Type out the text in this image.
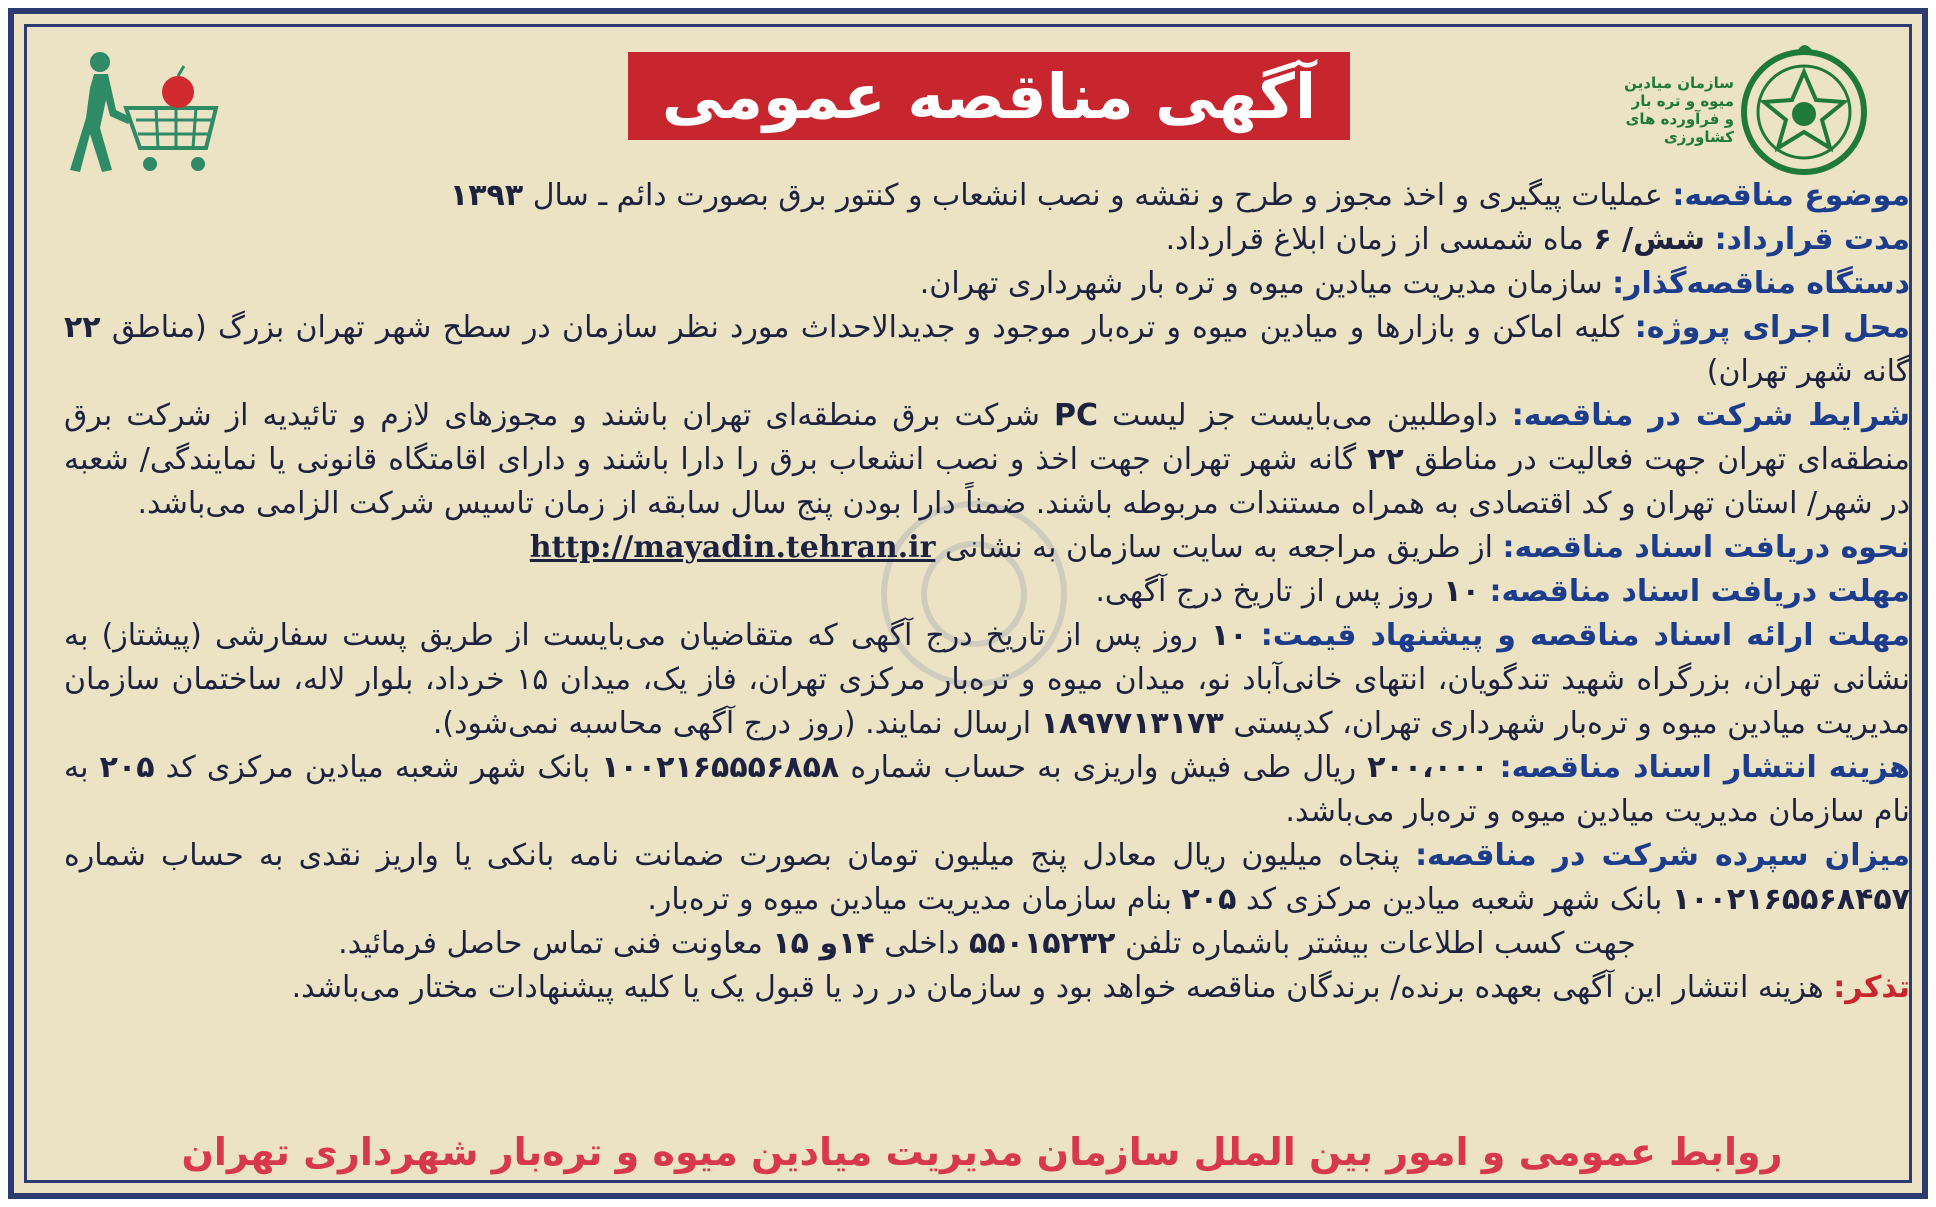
آگهی مناقصه عمومی	سازمان میادین
میوه و تره بار
و فرآورده های
کشاورزی

موضوع مناقصه: عملیات پیگیری و اخذ مجوز و طرح و نقشه و نصب انشعاب و کنتور برق بصورت دائم ـ سال ۱۳۹۳

مدت قرارداد: شش/ ۶ ماه شمسی از زمان ابلاغ قرارداد.

دستگاه مناقصه‌گذار: سازمان مدیریت میادین میوه و تره بار شهرداری تهران.

محل اجرای پروژه: کلیه اماکن و بازارها و میادین میوه و تره‌بار موجود و جدیدالاحداث مورد نظر سازمان در سطح شهر تهران بزرگ (مناطق ۲۲ گانه شهر تهران)

شرایط شرکت در مناقصه: داوطلبین می‌بایست جز لیست PC شرکت برق منطقه‌ای تهران باشند و مجوزهای لازم و تائیدیه از شرکت برق منطقه‌ای تهران جهت فعالیت در مناطق ۲۲ گانه شهر تهران جهت اخذ و نصب انشعاب برق را دارا باشند و دارای اقامتگاه قانونی یا نمایندگی/ شعبه در شهر/ استان تهران و کد اقتصادی به همراه مستندات مربوطه باشند. ضمناً دارا بودن پنج سال سابقه از زمان تاسیس شرکت الزامی می‌باشد.

نحوه دریافت اسناد مناقصه: از طریق مراجعه به سایت سازمان به نشانی http://mayadin.tehran.ir

مهلت دریافت اسناد مناقصه: ۱۰ روز پس از تاریخ درج آگهی.

مهلت ارائه اسناد مناقصه و پیشنهاد قیمت: ۱۰ روز پس از تاریخ درج آگهی که متقاضیان می‌بایست از طریق پست سفارشی (پیشتاز) به نشانی تهران، بزرگراه شهید تندگویان، انتهای خانی‌آباد نو، میدان میوه و تره‌بار مرکزی تهران، فاز یک، میدان ۱۵ خرداد، بلوار لاله، ساختمان سازمان مدیریت میادین میوه و تره‌بار شهرداری تهران، کدپستی ۱۸۹۷۷۱۳۱۷۳ ارسال نمایند. (روز درج آگهی محاسبه نمی‌شود).

هزینه انتشار اسناد مناقصه: ۲۰۰،۰۰۰ ریال طی فیش واریزی به حساب شماره ۱۰۰۲۱۶۵۵۵۶۸۵۸ بانک شهر شعبه میادین مرکزی کد ۲۰۵ به نام سازمان مدیریت میادین میوه و تره‌بار می‌باشد.

میزان سپرده شرکت در مناقصه: پنجاه میلیون ریال معادل پنج میلیون تومان بصورت ضمانت نامه بانکی یا واریز نقدی به حساب شماره ۱۰۰۲۱۶۵۵۶۸۴۵۷ بانک شهر شعبه میادین مرکزی کد ۲۰۵ بنام سازمان مدیریت میادین میوه و تره‌بار.

جهت کسب اطلاعات بیشتر باشماره تلفن ۵۵۰۱۵۲۳۲ داخلی ۱۴و ۱۵ معاونت فنی تماس حاصل فرمائید.

تذکر: هزینه انتشار این آگهی بعهده برنده/ برندگان مناقصه خواهد بود و سازمان در رد یا قبول یک یا کلیه پیشنهادات مختار می‌باشد.

روابط عمومی و امور بین الملل سازمان مدیریت میادین میوه و تره‌بار شهرداری تهران
